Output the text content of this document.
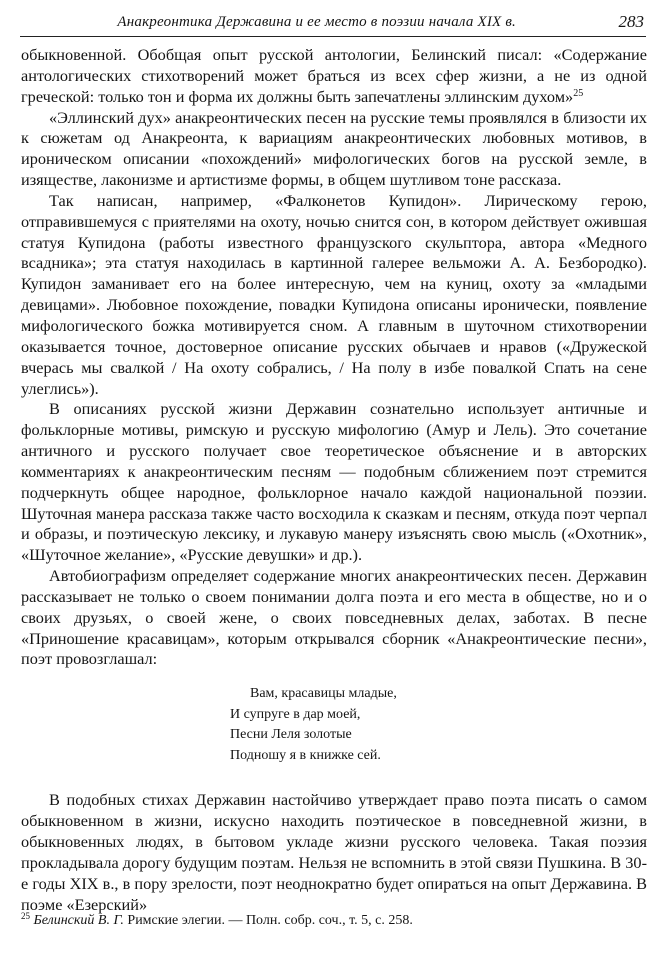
Анакреонтика Державина и ее место в поэзии начала XIX в.	283

обыкновенной. Обобщая опыт русской антологии, Белинский писал: «Содержание антологических стихотворений может браться из всех сфер жизни, а не из одной греческой: только тон и форма их должны быть запечатлены эллинским духом»$^{25}$

«Эллинский дух» анакреонтических песен на русские темы проявлялся в близости их к сюжетам од Анакреонта, к вариациям анакреонтических любовных мотивов, в ироническом описании «похождений» мифологических богов на русской земле, в изяществе, лаконизме и артистизме формы, в общем шутливом тоне рассказа.

Так написан, например, «Фалконетов Купидон». Лирическому герою, отправившемуся с приятелями на охоту, ночью снится сон, в котором действует ожившая статуя Купидона (работы известного французского скульптора, автора «Медного всадника»; эта статуя находилась в картинной галерее вельможи А. А. Безбородко). Купидон заманивает его на более интересную, чем на куниц, охоту за «младыми девицами». Любовное похождение, повадки Купидона описаны иронически, появление мифологического божка мотивируется сном. А главным в шуточном стихотворении оказывается точное, достоверное описание русских обычаев и нравов («Дружеской вчерась мы свалкой / На охоту собрались, / На полу в избе повалкой Спать на сене улеглись»).

В описаниях русской жизни Державин сознательно использует античные и фольклорные мотивы, римскую и русскую мифологию (Амур и Лель). Это сочетание античного и русского получает свое теоретическое объяснение и в авторских комментариях к анакреонтическим песням — подобным сближением поэт стремится подчеркнуть общее народное, фольклорное начало каждой национальной поэзии. Шуточная манера рассказа также часто восходила к сказкам и песням, откуда поэт черпал и образы, и поэтическую лексику, и лукавую манеру изъяснять свою мысль («Охотник», «Шуточное желание», «Русские девушки» и др.).

Автобиографизм определяет содержание многих анакреонтических песен. Державин рассказывает не только о своем понимании долга поэта и его места в обществе, но и о своих друзьях, о своей жене, о своих повседневных делах, заботах. В песне «Приношение красавицам», которым открывался сборник «Анакреонтические песни», поэт провозглашал:

Вам, красавицы младые,
И супруге в дар моей,
Песни Леля золотые
Подношу я в книжке сей.

В подобных стихах Державин настойчиво утверждает право поэта писать о самом обыкновенном в жизни, искусно находить поэтическое в повседневной жизни, в обыкновенных людях, в бытовом укладе жизни русского человека. Такая поэзия прокладывала дорогу будущим поэтам. Нельзя не вспомнить в этой связи Пушкина. В 30-е годы XIX в., в пору зрелости, поэт неоднократно будет опираться на опыт Державина. В поэме «Езерский»

$^{25}$ Белинский В. Г. Римские элегии. — Полн. собр. соч., т. 5, с. 258.
